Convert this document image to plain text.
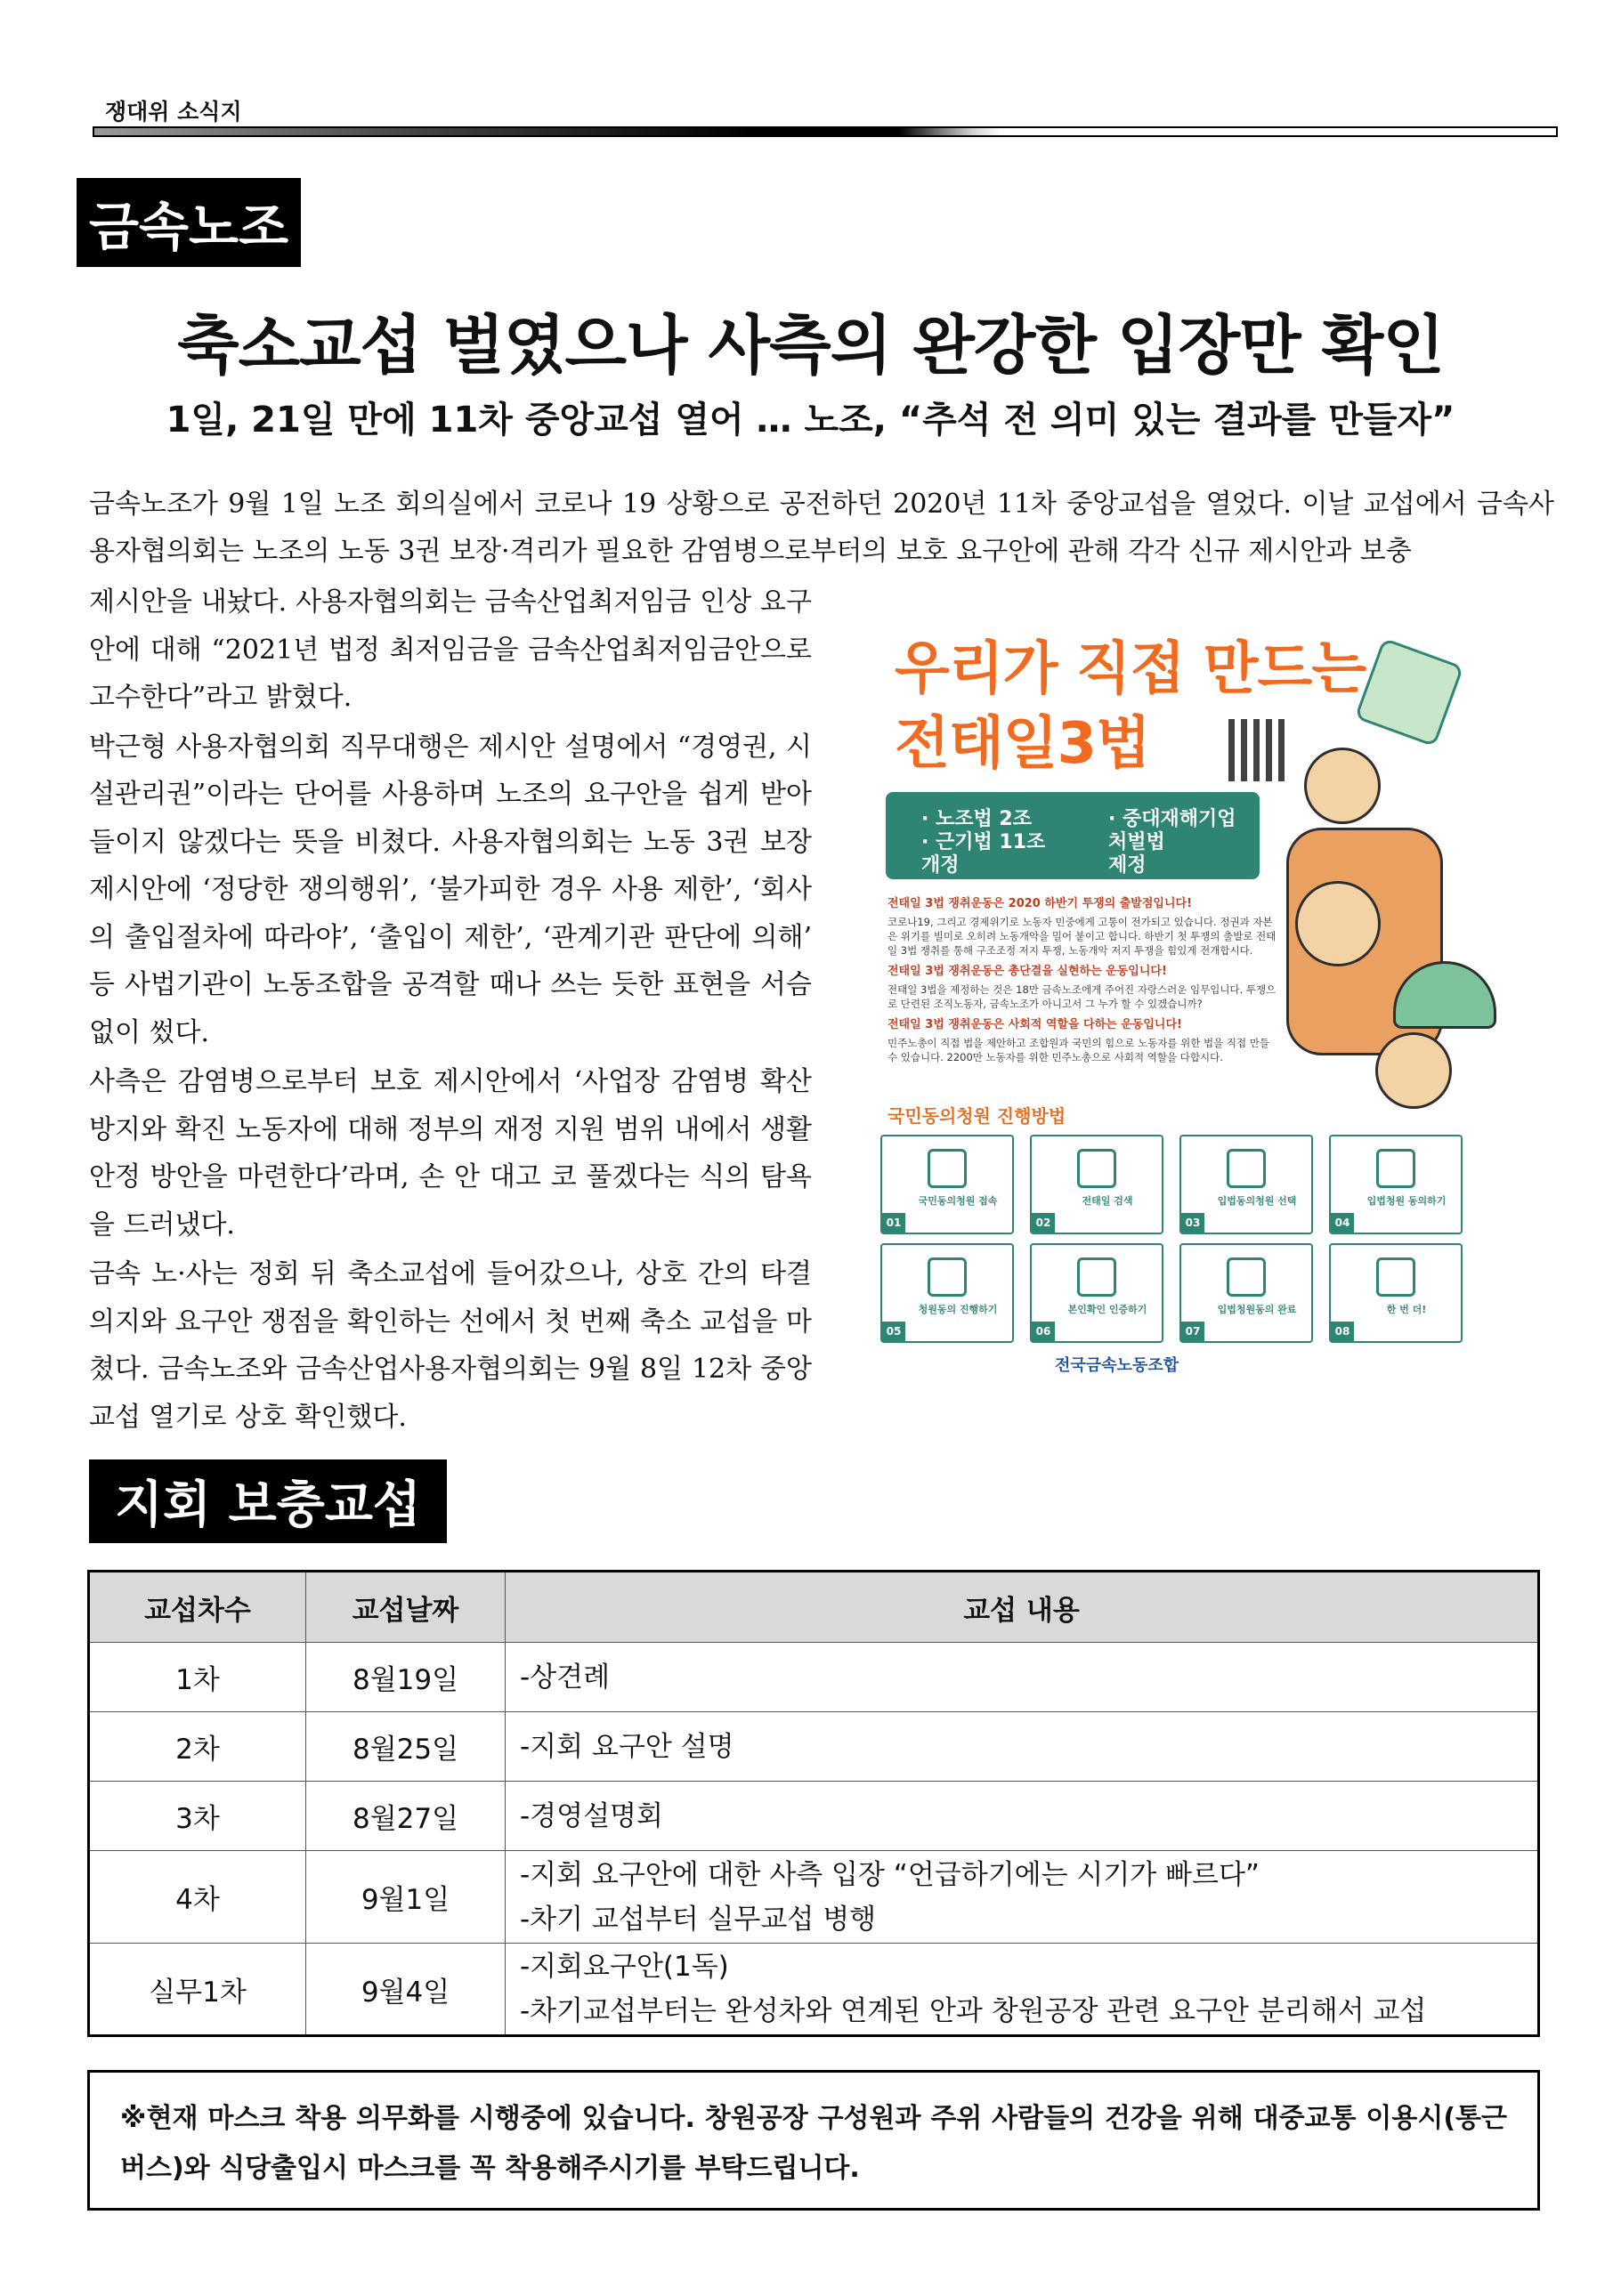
쟁대위 소식지
금속노조
축소교섭 벌였으나 사측의 완강한 입장만 확인
1일, 21일 만에 11차 중앙교섭 열어 … 노조, “추석 전 의미 있는 결과를 만들자”

금속노조가 9월 1일 노조 회의실에서 코로나 19 상황으로 공전하던 2020년 11차 중앙교섭을 열었다. 이날 교섭에서 금속사용자협의회는 노조의 노동 3권 보장·격리가 필요한 감염병으로부터의 보호 요구안에 관해 각각 신규 제시안과 보충

제시안을 내놨다. 사용자협의회는 금속산업최저임금 인상 요구안에 대해 “2021년 법정 최저임금을 금속산업최저임금안으로 고수한다”라고 밝혔다.

박근형 사용자협의회 직무대행은 제시안 설명에서 “경영권, 시설관리권”이라는 단어를 사용하며 노조의 요구안을 쉽게 받아들이지 않겠다는 뜻을 비쳤다. 사용자협의회는 노동 3권 보장 제시안에 ‘정당한 쟁의행위’, ‘불가피한 경우 사용 제한’, ‘회사의 출입절차에 따라야’, ‘출입이 제한’, ‘관계기관 판단에 의해’ 등 사법기관이 노동조합을 공격할 때나 쓰는 듯한 표현을 서슴없이 썼다.

사측은 감염병으로부터 보호 제시안에서 ‘사업장 감염병 확산 방지와 확진 노동자에 대해 정부의 재정 지원 범위 내에서 생활 안정 방안을 마련한다’라며, 손 안 대고 코 풀겠다는 식의 탐욕을 드러냈다.

금속 노·사는 정회 뒤 축소교섭에 들어갔으나, 상호 간의 타결 의지와 요구안 쟁점을 확인하는 선에서 첫 번째 축소 교섭을 마쳤다. 금속노조와 금속산업사용자협의회는 9월 8일 12차 중앙교섭 열기로 상호 확인했다.

우리가 직접 만드는
전태일3법
· 노조법 2조
· 근기법 11조
개정
· 중대재해기업
처벌법
제정

전태일 3법 쟁취운동은 2020 하반기 투쟁의 출발점입니다!

코로나19, 그리고 경제위기로 노동자 민중에게 고통이 전가되고 있습니다. 정권과 자본은 위기를 빌미로 오히려 노동개악을 밀어 붙이고 합니다. 하반기 첫 투쟁의 출발로 전태일 3법 쟁취를 통해 구조조정 저지 투쟁, 노동개악 저지 투쟁을 힘있게 전개합시다.

전태일 3법 쟁취운동은 총단결을 실현하는 운동입니다!

전태일 3법을 제정하는 것은 18만 금속노조에게 주어진 자랑스러운 임무입니다. 투쟁으로 단련된 조직노동자, 금속노조가 아니고서 그 누가 할 수 있겠습니까?

전태일 3법 쟁취운동은 사회적 역할을 다하는 운동입니다!

민주노총이 직접 법을 제안하고 조합원과 국민의 힘으로 노동자를 위한 법을 직접 만들 수 있습니다. 2200만 노동자를 위한 민주노총으로 사회적 역할을 다합시다.

국민동의청원 진행방법
국민동의청원 접속
01
전태일 검색
02
입법동의청원 선택
03
입법청원 동의하기
04
청원동의 진행하기
05
본인확인 인증하기
06
입법청원동의 완료
07
한 번 더!
08
전국금속노동조합
지회 보충교섭
교섭차수	교섭날짜	교섭 내용
1차	8월19일	-상견례
2차	8월25일	-지회 요구안 설명
3차	8월27일	-경영설명회
4차	9월1일	-지회 요구안에 대한 사측 입장 “언급하기에는 시기가 빠르다”
-차기 교섭부터 실무교섭 병행

실무1차	9월4일	-지회요구안(1독)
-차기교섭부터는 완성차와 연계된 안과 창원공장 관련 요구안 분리해서 교섭
※현재 마스크 착용 의무화를 시행중에 있습니다. 창원공장 구성원과 주위 사람들의 건강을 위해 대중교통 이용시(통근버스)와 식당출입시 마스크를 꼭 착용해주시기를 부탁드립니다.
